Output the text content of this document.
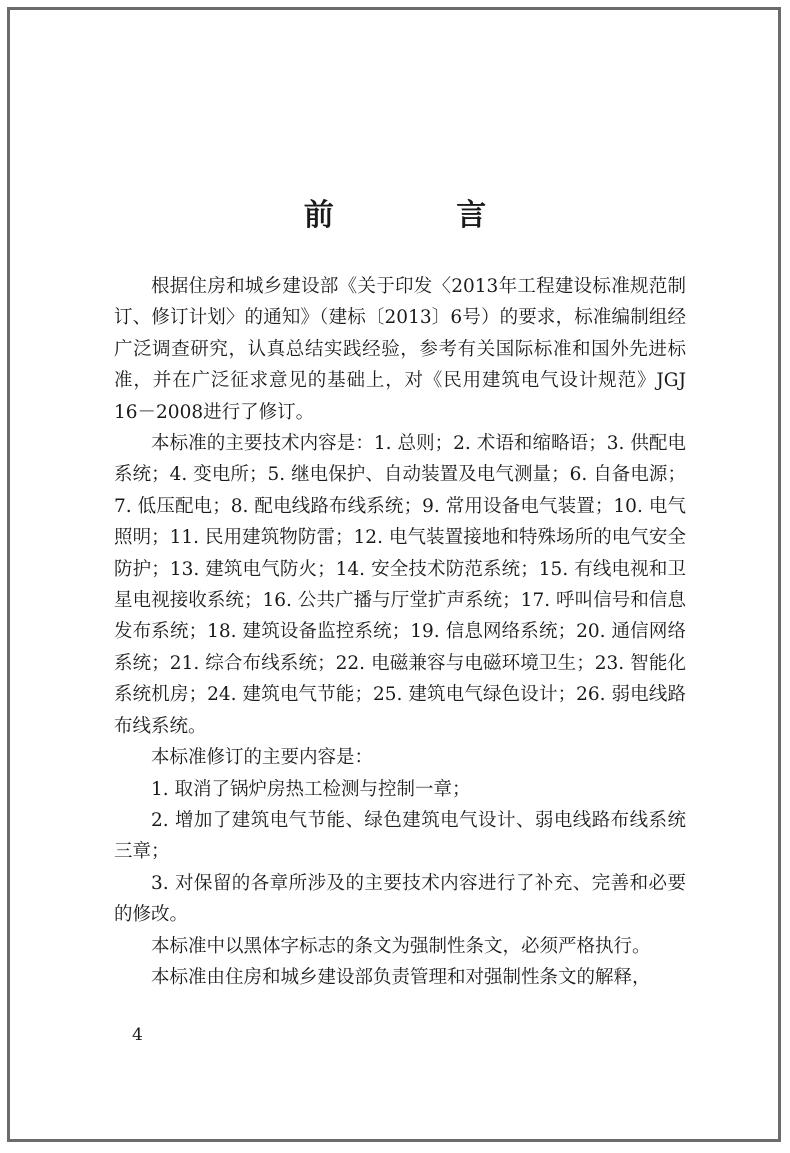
前 言

根据住房和城乡建设部《关于印发〈2013年工程建设标准规范制订、修订计划〉的通知》（建标〔2013〕6号）的要求，标准编制组经广泛调查研究，认真总结实践经验，参考有关国际标准和国外先进标准，并在广泛征求意见的基础上，对《民用建筑电气设计规范》JGJ 16－2008进行了修订。

本标准的主要技术内容是：1. 总则；2. 术语和缩略语；3. 供配电系统；4. 变电所；5. 继电保护、自动装置及电气测量；6. 自备电源；7. 低压配电；8. 配电线路布线系统；9. 常用设备电气装置；10. 电气照明；11. 民用建筑物防雷；12. 电气装置接地和特殊场所的电气安全防护；13. 建筑电气防火；14. 安全技术防范系统；15. 有线电视和卫星电视接收系统；16. 公共广播与厅堂扩声系统；17. 呼叫信号和信息发布系统；18. 建筑设备监控系统；19. 信息网络系统；20. 通信网络系统；21. 综合布线系统；22. 电磁兼容与电磁环境卫生；23. 智能化系统机房；24. 建筑电气节能；25. 建筑电气绿色设计；26. 弱电线路布线系统。

本标准修订的主要内容是：

1. 取消了锅炉房热工检测与控制一章；

2. 增加了建筑电气节能、绿色建筑电气设计、弱电线路布线系统三章；

3. 对保留的各章所涉及的主要技术内容进行了补充、完善和必要的修改。

本标准中以黑体字标志的条文为强制性条文，必须严格执行。

本标准由住房和城乡建设部负责管理和对强制性条文的解释，

4
